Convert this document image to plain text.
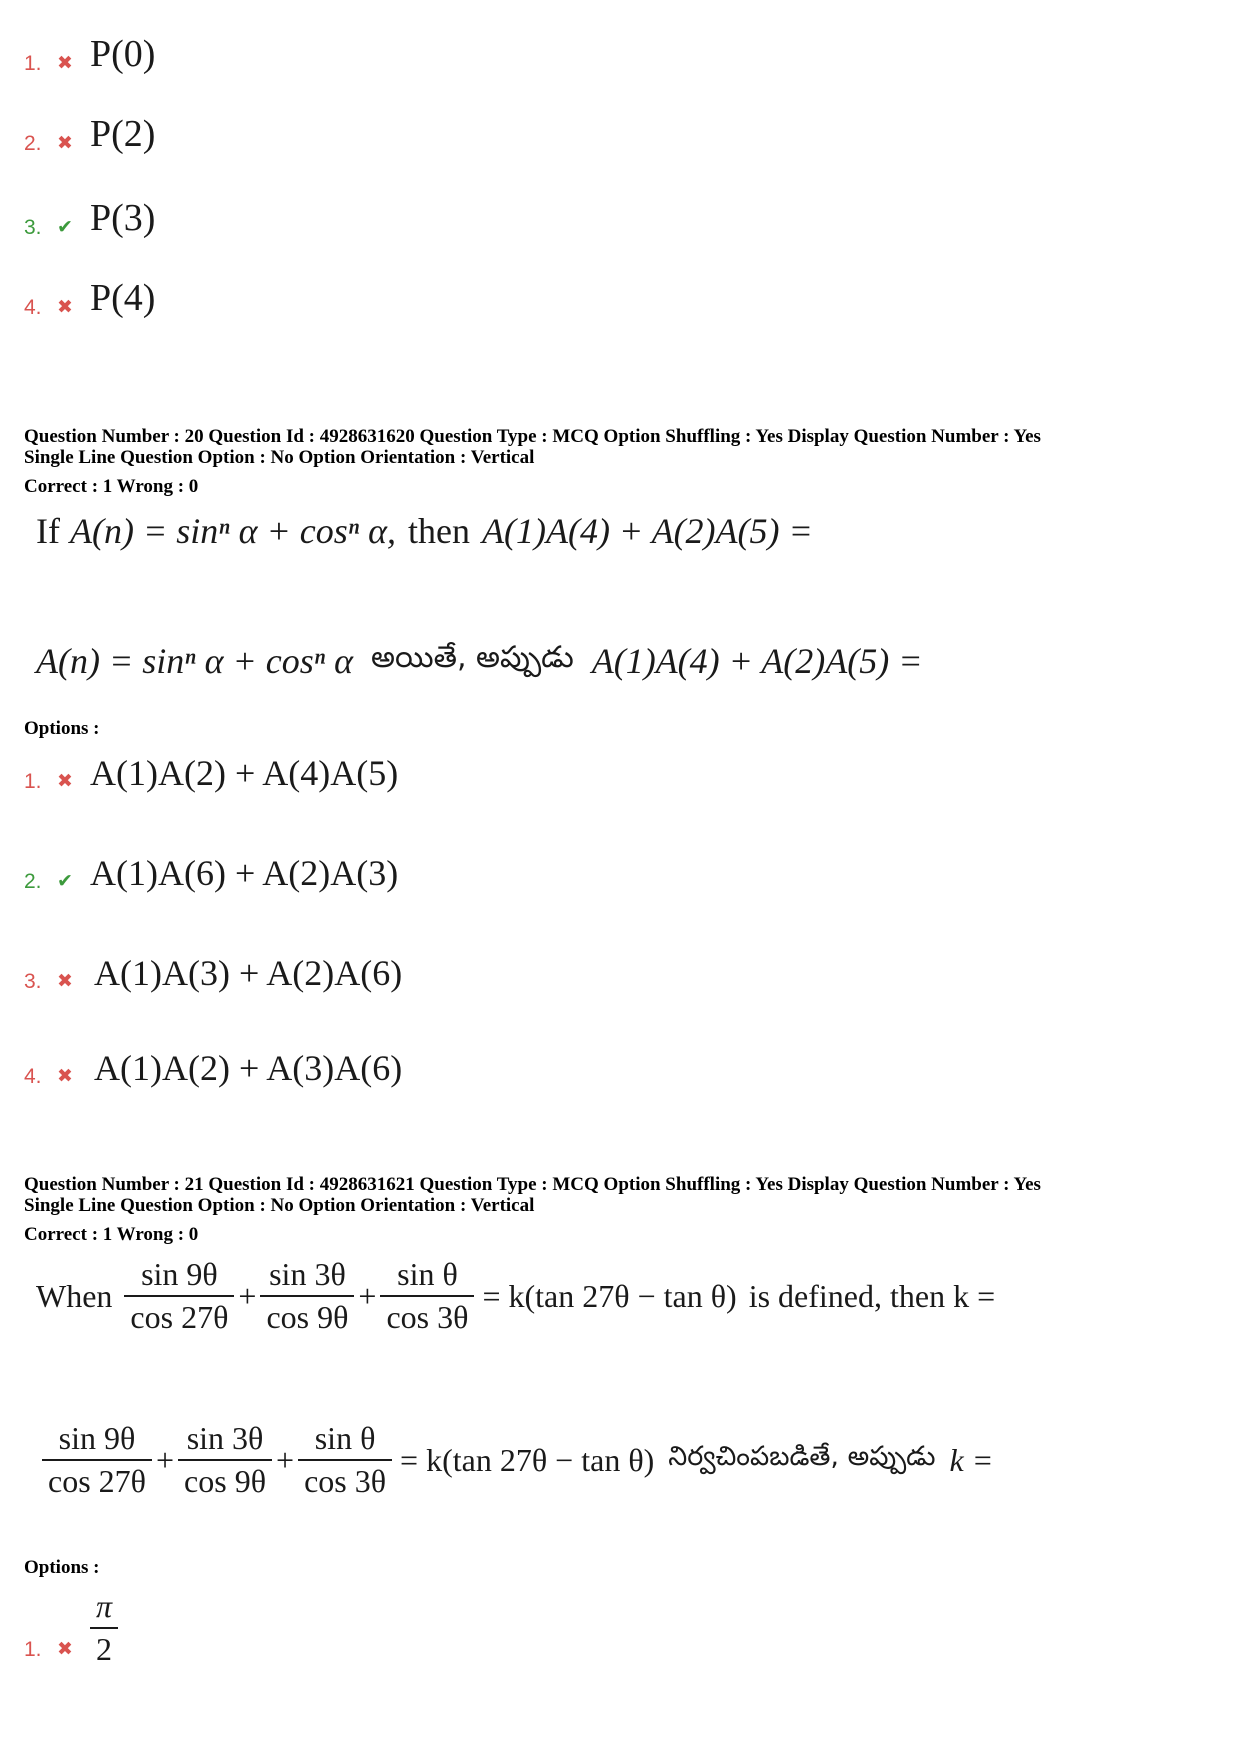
1. ✖ P(0)
2. ✖ P(2)
3. ✔ P(3)
4. ✖ P(4)
Question Number : 20 Question Id : 4928631620 Question Type : MCQ Option Shuffling : Yes Display Question Number : Yes
Single Line Question Option : No Option Orientation : Vertical
Correct : 1 Wrong : 0
If A(n) = sinⁿ α + cosⁿ α, then A(1)A(4) + A(2)A(5) =
A(n) = sinⁿ α + cosⁿ α అయితే, అప్పుడు A(1)A(4) + A(2)A(5) =
Options :
1. ✖ A(1)A(2) + A(4)A(5)
2. ✔ A(1)A(6) + A(2)A(3)
3. ✖ A(1)A(3) + A(2)A(6)
4. ✖ A(1)A(2) + A(3)A(6)
Question Number : 21 Question Id : 4928631621 Question Type : MCQ Option Shuffling : Yes Display Question Number : Yes
Single Line Question Option : No Option Orientation : Vertical
Correct : 1 Wrong : 0
When $\frac{\sin 9\theta}{\cos 27\theta} + \frac{\sin 3\theta}{\cos 9\theta} + \frac{\text{sin θ}}{\cos 3\theta} = k(\tan$ 27θ − tan θ) is defined, then k =
$\frac{\sin 9\theta}{\cos 27\theta} + \frac{\sin 3\theta}{\cos 9\theta} + \frac{\text{sin θ}}{\cos 3\theta} = k(\tan$ 27θ − tan θ) నిర్వచింపబడితే, అప్పుడు k =
Options :
1. ✖ $\frac{\pi}{2}$
